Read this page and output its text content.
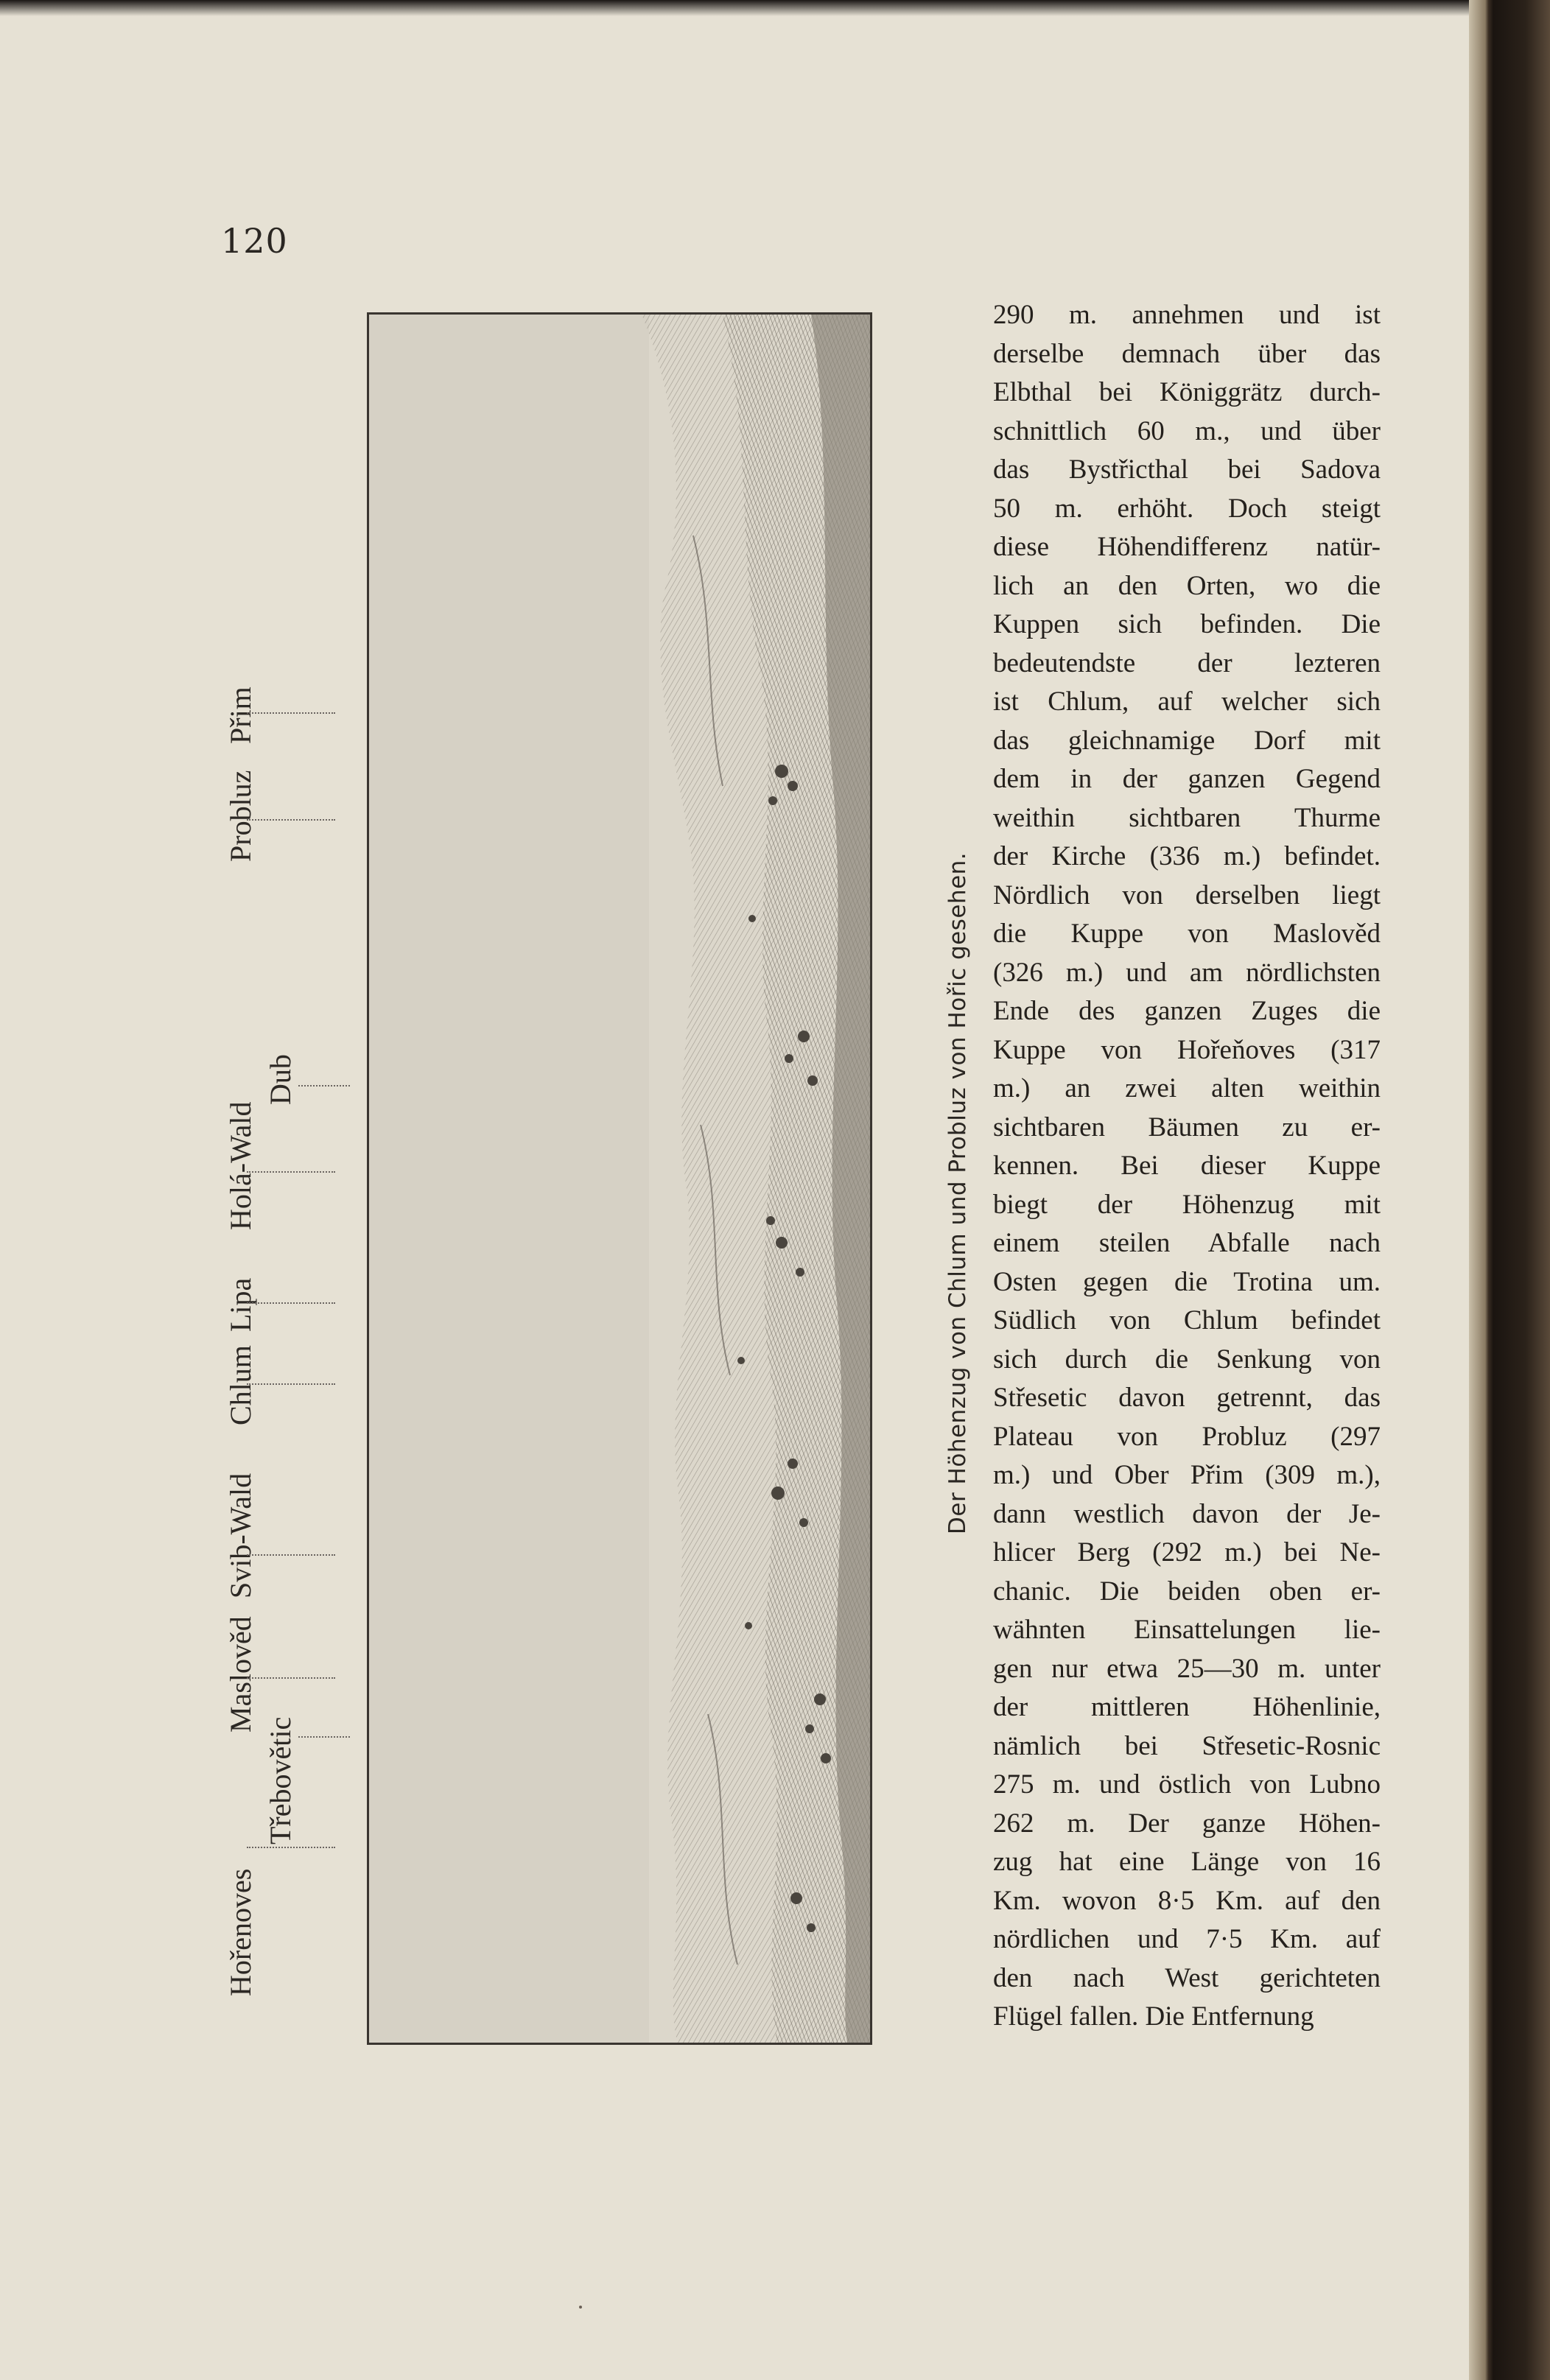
120
Hořenoves
Třebovětic
Maslověd
Svib-Wald
Chlum
Lipa
Holá-Wald
Dub
Probluz
Přim
Der Höhenzug von Chlum und Probluz von Hořic gesehen.
290 m. annehmen und ist
derselbe demnach über das
Elbthal bei Königgrätz durch-
schnittlich 60 m., und über
das Bystřicthal bei Sadova
50 m. erhöht. Doch steigt
diese Höhendifferenz natür-
lich an den Orten, wo die
Kuppen sich befinden. Die
bedeutendste der lezteren
ist Chlum, auf welcher sich
das gleichnamige Dorf mit
dem in der ganzen Gegend
weithin sichtbaren Thurme
der Kirche (336 m.) befindet.
Nördlich von derselben liegt
die Kuppe von Maslověd
(326 m.) und am nördlichsten
Ende des ganzen Zuges die
Kuppe von Hořeňoves (317
m.) an zwei alten weithin
sichtbaren Bäumen zu er-
kennen. Bei dieser Kuppe
biegt der Höhenzug mit
einem steilen Abfalle nach
Osten gegen die Trotina um.
Südlich von Chlum befindet
sich durch die Senkung von
Střesetic davon getrennt, das
Plateau von Probluz (297
m.) und Ober Přim (309 m.),
dann westlich davon der Je-
hlicer Berg (292 m.) bei Ne-
chanic. Die beiden oben er-
wähnten Einsattelungen lie-
gen nur etwa 25—30 m. unter
der mittleren Höhenlinie,
nämlich bei Střesetic-Rosnic
275 m. und östlich von Lubno
262 m. Der ganze Höhen-
zug hat eine Länge von 16
Km. wovon 8·5 Km. auf den
nördlichen und 7·5 Km. auf
den nach West gerichteten
Flügel fallen. Die Entfernung
